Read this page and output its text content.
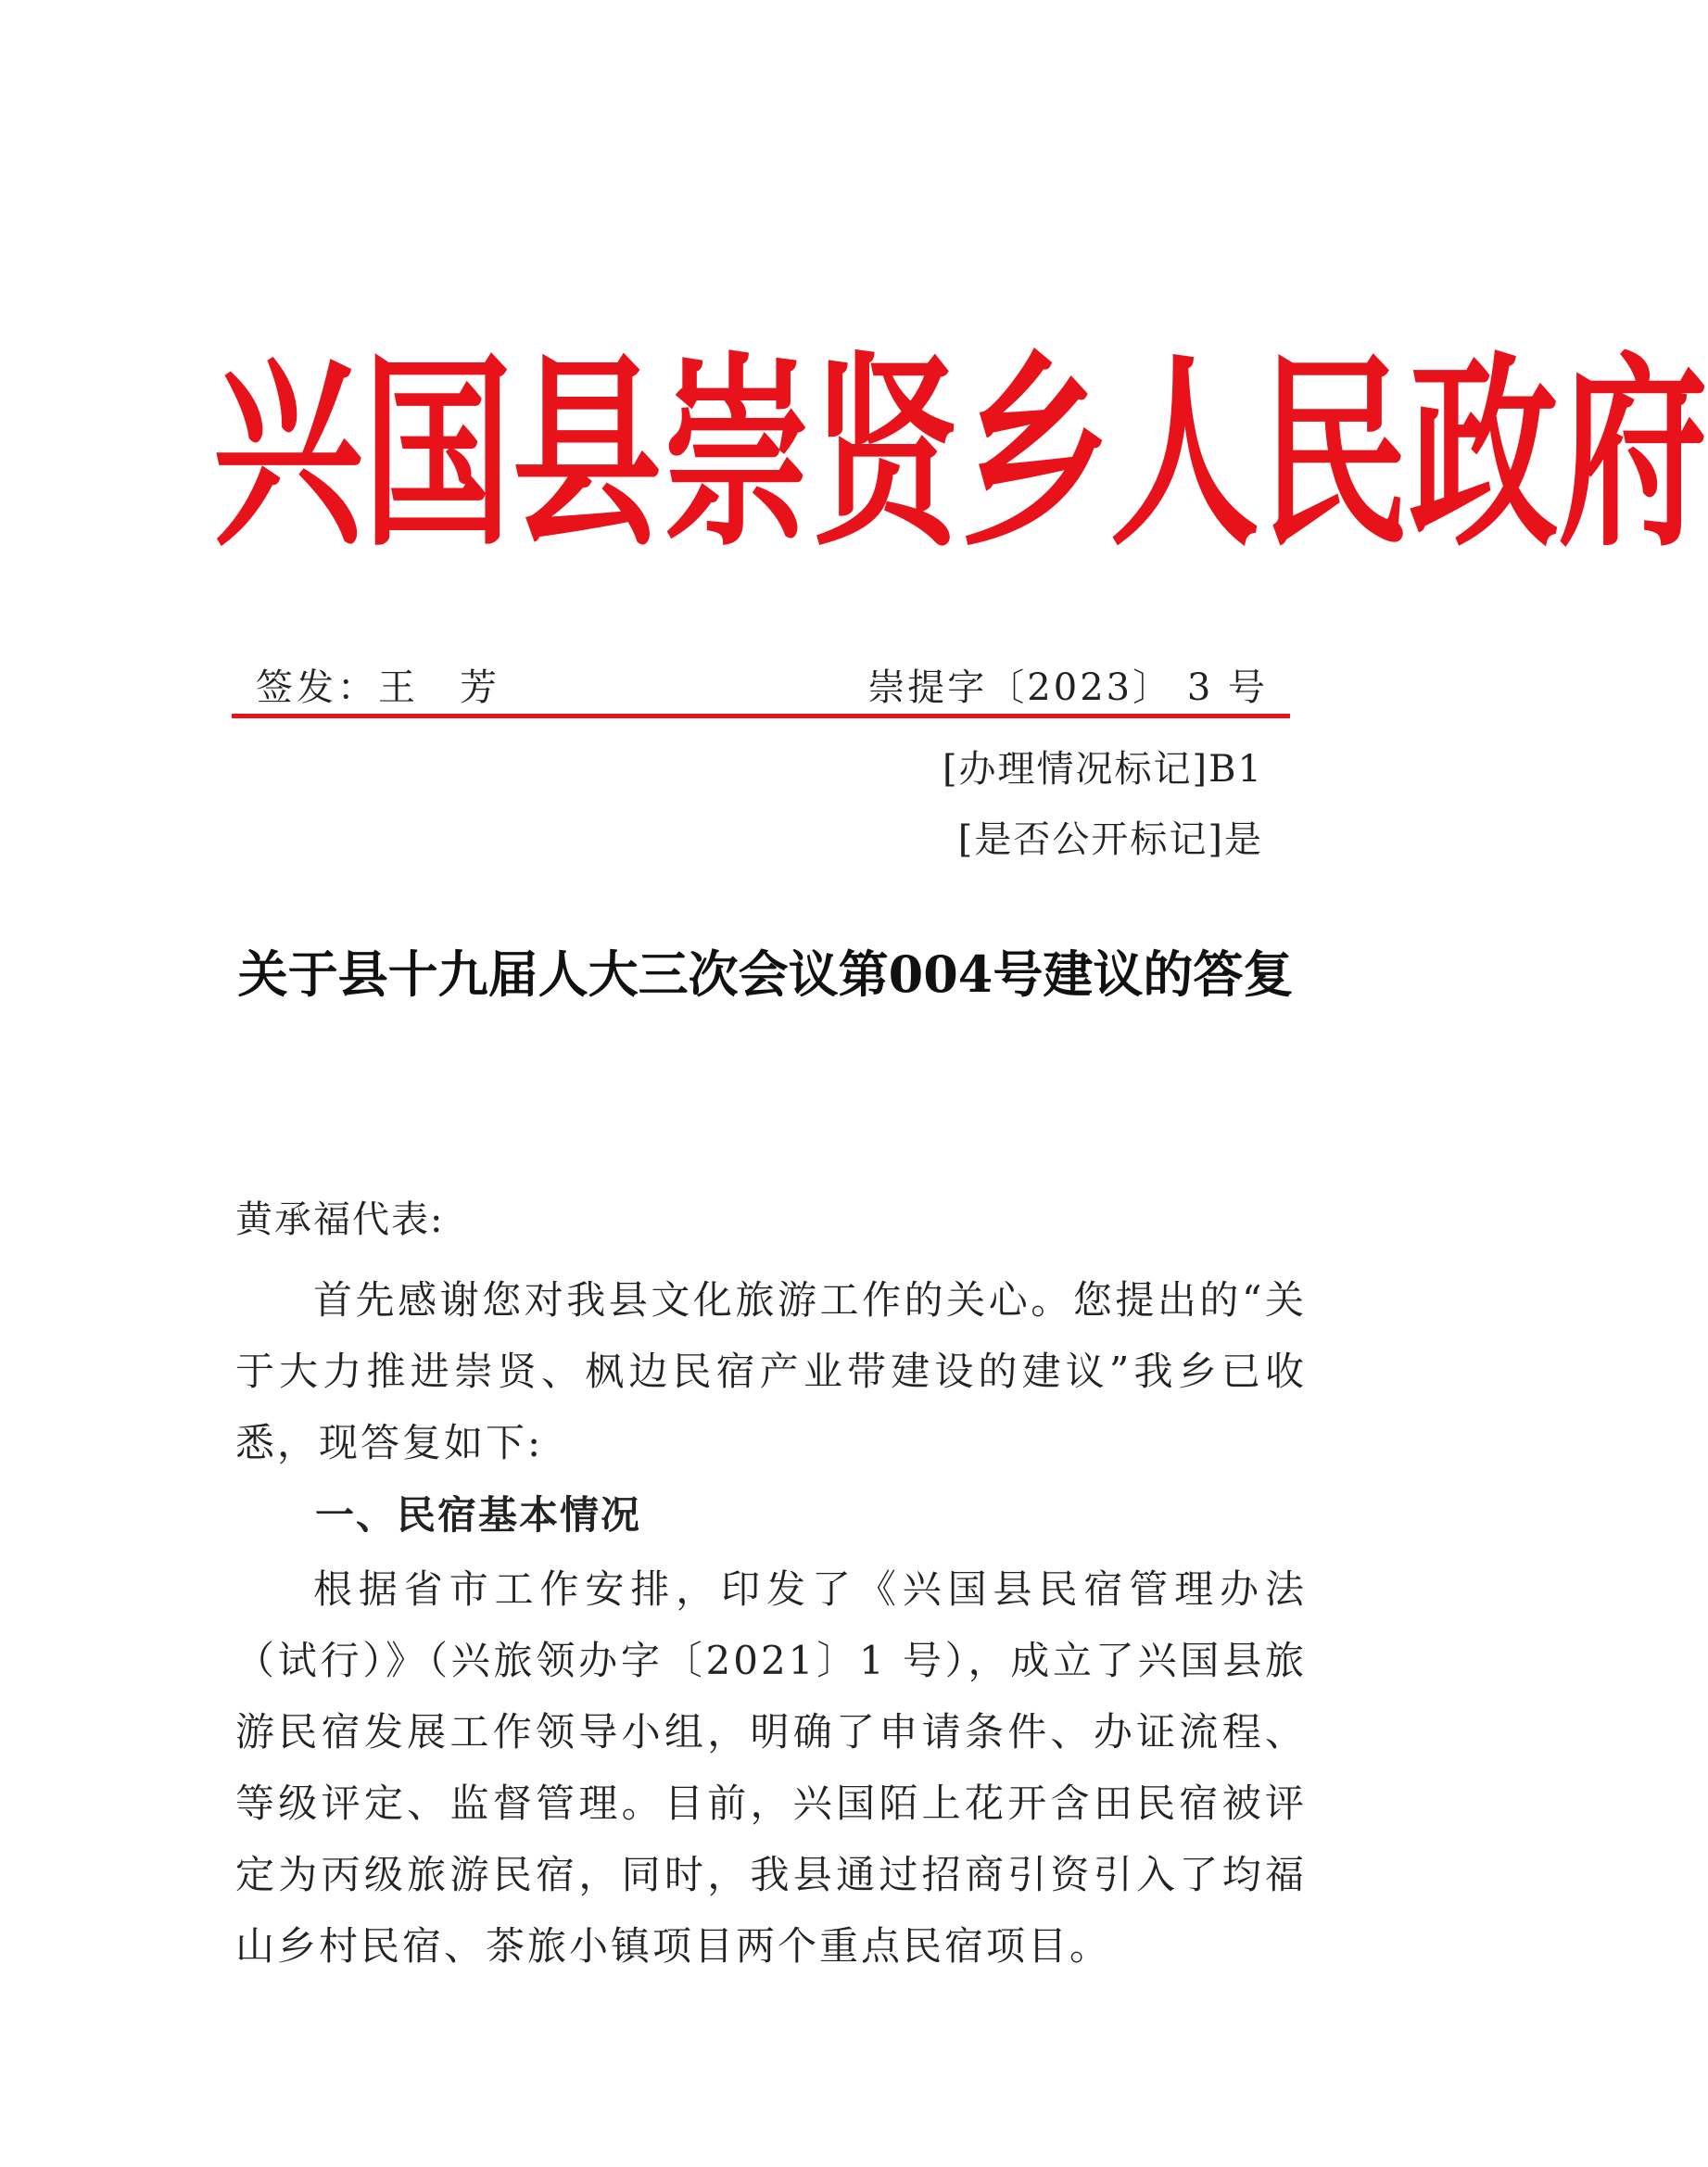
兴国县崇贤乡人民政府
签发：王　芳	崇提字〔2023〕 3 号
[办理情况标记]B1
[是否公开标记]是
关于县十九届人大三次会议第004号建议的答复
黄承福代表:

首先感谢您对我县文化旅游工作的关心。您提出的“关于大力推进崇贤、枫边民宿产业带建设的建议”我乡已收悉，现答复如下:

一、民宿基本情况

根据省市工作安排，印发了《兴国县民宿管理办法（试行）》（兴旅领办字〔2021〕1 号），成立了兴国县旅游民宿发展工作领导小组，明确了申请条件、办证流程、等级评定、监督管理。目前，兴国陌上花开含田民宿被评定为丙级旅游民宿，同时，我县通过招商引资引入了均福山乡村民宿、茶旅小镇项目两个重点民宿项目。
